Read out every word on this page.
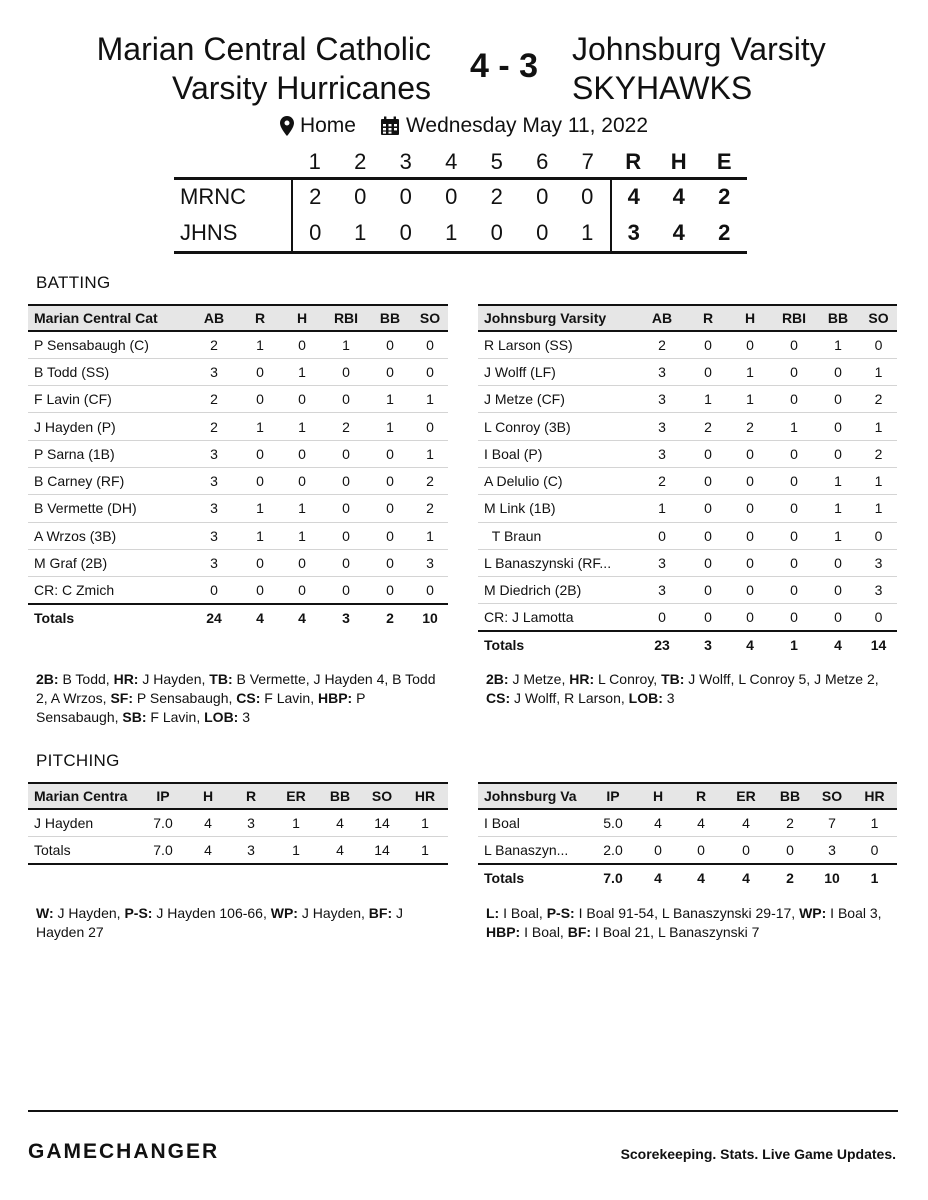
Marian Central Catholic
Varsity Hurricanes
4 - 3 Johnsburg Varsity
SKYHAWKS
Home Wednesday May 11, 2022
	1	2	3	4	5	6	7	R	H	E
MRNC	2	0	0	0	2	0	0	4	4	2
JHNS	0	1	0	1	0	0	1	3	4	2
BATTING
Marian Central Cat	AB	R	H	RBI	BB	SO
P Sensabaugh (C)	2	1	0	1	0	0
B Todd (SS)	3	0	1	0	0	0
F Lavin (CF)	2	0	0	0	1	1
J Hayden (P)	2	1	1	2	1	0
P Sarna (1B)	3	0	0	0	0	1
B Carney (RF)	3	0	0	0	0	2
B Vermette (DH)	3	1	1	0	0	2
A Wrzos (3B)	3	1	1	0	0	1
M Graf (2B)	3	0	0	0	0	3
CR: C Zmich	0	0	0	0	0	0
Totals	24	4	4	3	2	10
Johnsburg Varsity	AB	R	H	RBI	BB	SO
R Larson (SS)	2	0	0	0	1	0
J Wolff (LF)	3	0	1	0	0	1
J Metze (CF)	3	1	1	0	0	2
L Conroy (3B)	3	2	2	1	0	1
I Boal (P)	3	0	0	0	0	2
A Delulio (C)	2	0	0	0	1	1
M Link (1B)	1	0	0	0	1	1
T Braun	0	0	0	0	1	0
L Banaszynski (RF...	3	0	0	0	0	3
M Diedrich (2B)	3	0	0	0	0	3
CR: J Lamotta	0	0	0	0	0	0
Totals	23	3	4	1	4	14
2B: B Todd, HR: J Hayden, TB: B Vermette, J Hayden 4, B Todd 2, A Wrzos, SF: P Sensabaugh, CS: F Lavin, HBP: P Sensabaugh, SB: F Lavin, LOB: 3
2B: J Metze, HR: L Conroy, TB: J Wolff, L Conroy 5, J Metze 2, CS: J Wolff, R Larson, LOB: 3
PITCHING
Marian Centra	IP	H	R	ER	BB	SO	HR
J Hayden	7.0	4	3	1	4	14	1
Totals	7.0	4	3	1	4	14	1
Johnsburg Va	IP	H	R	ER	BB	SO	HR
I Boal	5.0	4	4	4	2	7	1
L Banaszyn...	2.0	0	0	0	0	3	0
Totals	7.0	4	4	4	2	10	1
W: J Hayden, P-S: J Hayden 106-66, WP: J Hayden, BF: J Hayden 27
L: I Boal, P-S: I Boal 91-54, L Banaszynski 29-17, WP: I Boal 3, HBP: I Boal, BF: I Boal 21, L Banaszynski 7
GAMECHANGER	Scorekeeping. Stats. Live Game Updates.
